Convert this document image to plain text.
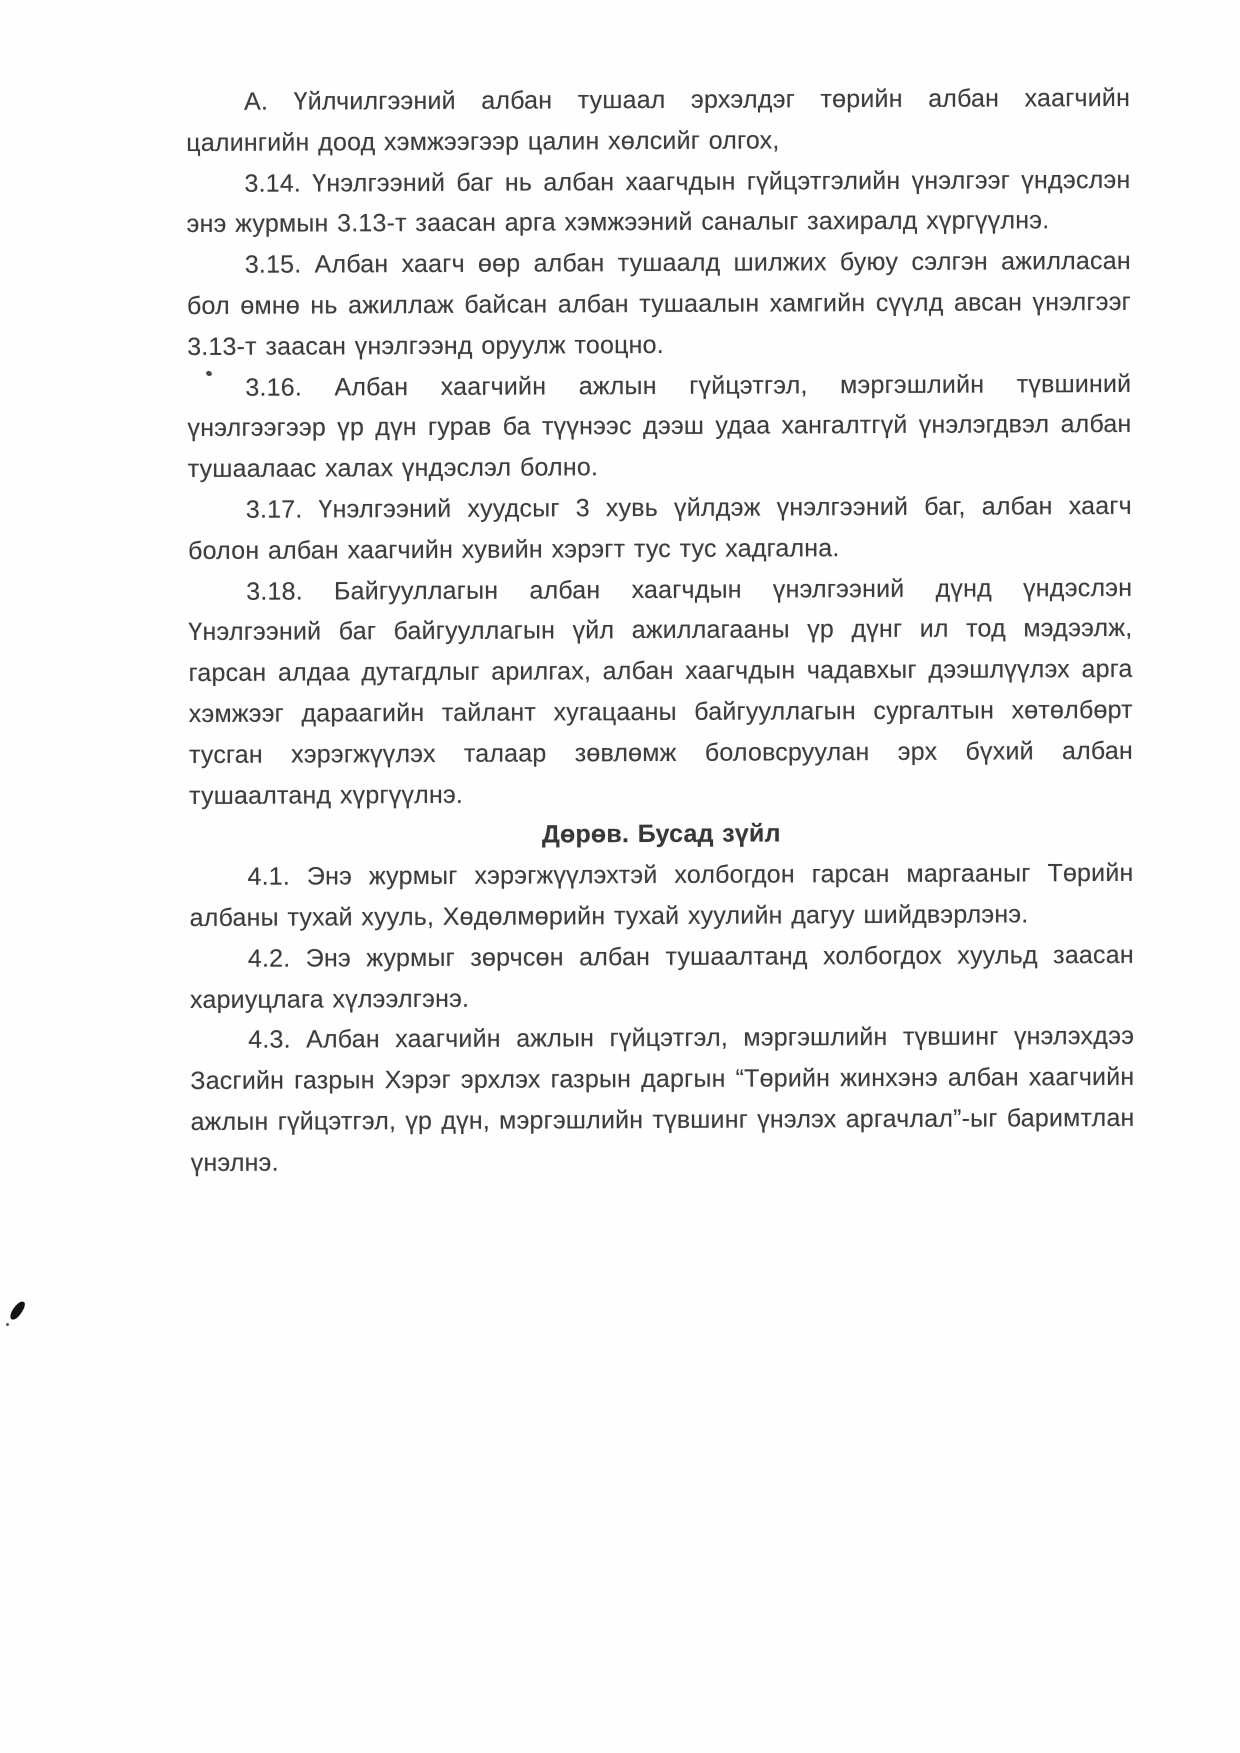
А. Үйлчилгээний албан тушаал эрхэлдэг төрийн албан хаагчийн цалингийн доод хэмжээгээр цалин хөлсийг олгох,

3.14. Үнэлгээний баг нь албан хаагчдын гүйцэтгэлийн үнэлгээг үндэслэн энэ журмын 3.13-т заасан арга хэмжээний саналыг захиралд хүргүүлнэ.

3.15. Албан хаагч өөр албан тушаалд шилжих буюу сэлгэн ажилласан бол өмнө нь ажиллаж байсан албан тушаалын хамгийн сүүлд авсан үнэлгээг 3.13-т заасан үнэлгээнд оруулж тооцно.

3.16. Албан хаагчийн ажлын гүйцэтгэл, мэргэшлийн түвшиний үнэлгээгээр үр дүн гурав ба түүнээс дээш удаа хангалтгүй үнэлэгдвэл албан тушаалаас халах үндэслэл болно.

3.17. Үнэлгээний хуудсыг 3 хувь үйлдэж үнэлгээний баг, албан хаагч болон албан хаагчийн хувийн хэрэгт тус тус хадгална.

3.18. Байгууллагын албан хаагчдын үнэлгээний дүнд үндэслэн Үнэлгээний баг байгууллагын үйл ажиллагааны үр дүнг ил тод мэдээлж, гарсан алдаа дутагдлыг арилгах, албан хаагчдын чадавхыг дээшлүүлэх арга хэмжээг дараагийн тайлант хугацааны байгууллагын сургалтын хөтөлбөрт тусган хэрэгжүүлэх талаар зөвлөмж боловсруулан эрх бүхий албан тушаалтанд хүргүүлнэ.

Дөрөв. Бусад зүйл

4.1. Энэ журмыг хэрэгжүүлэхтэй холбогдон гарсан маргааныг Төрийн албаны тухай хууль, Хөдөлмөрийн тухай хуулийн дагуу шийдвэрлэнэ.

4.2. Энэ журмыг зөрчсөн албан тушаалтанд холбогдох хуульд заасан хариуцлага хүлээлгэнэ.

4.3. Албан хаагчийн ажлын гүйцэтгэл, мэргэшлийн түвшинг үнэлэхдээ Засгийн газрын Хэрэг эрхлэх газрын даргын “Төрийн жинхэнэ албан хаагчийн ажлын гүйцэтгэл, үр дүн, мэргэшлийн түвшинг үнэлэх аргачлал”-ыг баримтлан үнэлнэ.
